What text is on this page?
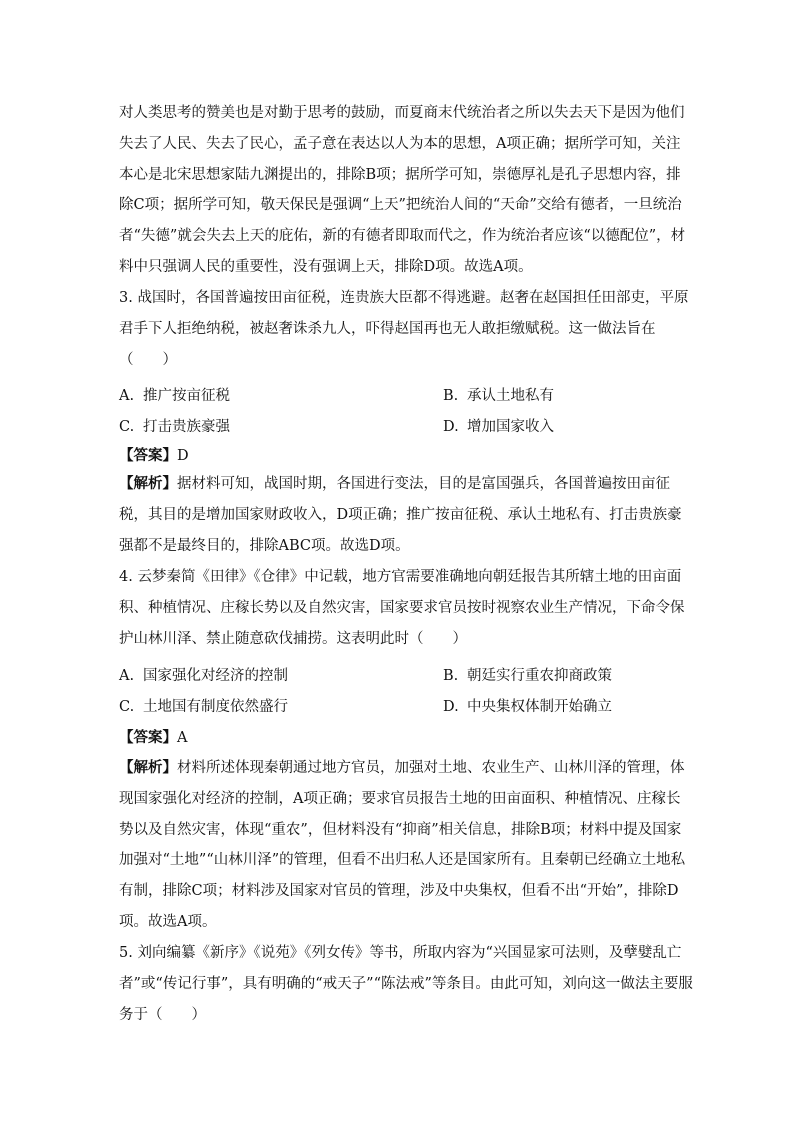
对人类思考的赞美也是对勤于思考的鼓励，而夏商末代统治者之所以失去天下是因为他们
失去了人民、失去了民心，孟子意在表达以人为本的思想，A项正确；据所学可知，关注
本心是北宋思想家陆九渊提出的，排除B项；据所学可知，崇德厚礼是孔子思想内容，排
除C项；据所学可知，敬天保民是强调“上天”把统治人间的“天命”交给有德者，一旦统治
者“失德”就会失去上天的庇佑，新的有德者即取而代之，作为统治者应该“以德配位”，材
料中只强调人民的重要性，没有强调上天，排除D项。故选A项。
3. 战国时，各国普遍按田亩征税，连贵族大臣都不得逃避。赵奢在赵国担任田部吏，平原
君手下人拒绝纳税，被赵奢诛杀九人，吓得赵国再也无人敢拒缴赋税。这一做法旨在
（　　）
A. 推广按亩征税	B. 承认土地私有
C. 打击贵族豪强	D. 增加国家收入
【答案】D
【解析】据材料可知，战国时期，各国进行变法，目的是富国强兵，各国普遍按田亩征
税，其目的是增加国家财政收入，D项正确；推广按亩征税、承认土地私有、打击贵族豪
强都不是最终目的，排除ABC项。故选D项。
4. 云梦秦简《田律》《仓律》中记载，地方官需要准确地向朝廷报告其所辖土地的田亩面
积、种植情况、庄稼长势以及自然灾害，国家要求官员按时视察农业生产情况，下命令保
护山林川泽、禁止随意砍伐捕捞。这表明此时（　　）
A. 国家强化对经济的控制	B. 朝廷实行重农抑商政策
C. 土地国有制度依然盛行	D. 中央集权体制开始确立
【答案】A
【解析】材料所述体现秦朝通过地方官员，加强对土地、农业生产、山林川泽的管理，体
现国家强化对经济的控制，A项正确；要求官员报告土地的田亩面积、种植情况、庄稼长
势以及自然灾害，体现“重农”，但材料没有“抑商”相关信息，排除B项；材料中提及国家
加强对“土地”“山林川泽”的管理，但看不出归私人还是国家所有。且秦朝已经确立土地私
有制，排除C项；材料涉及国家对官员的管理，涉及中央集权，但看不出“开始”，排除D
项。故选A项。
5. 刘向编纂《新序》《说苑》《列女传》等书，所取内容为“兴国显家可法则，及孽嬖乱亡
者”或“传记行事”，具有明确的“戒天子”“陈法戒”等条目。由此可知，刘向这一做法主要服
务于（　　）
